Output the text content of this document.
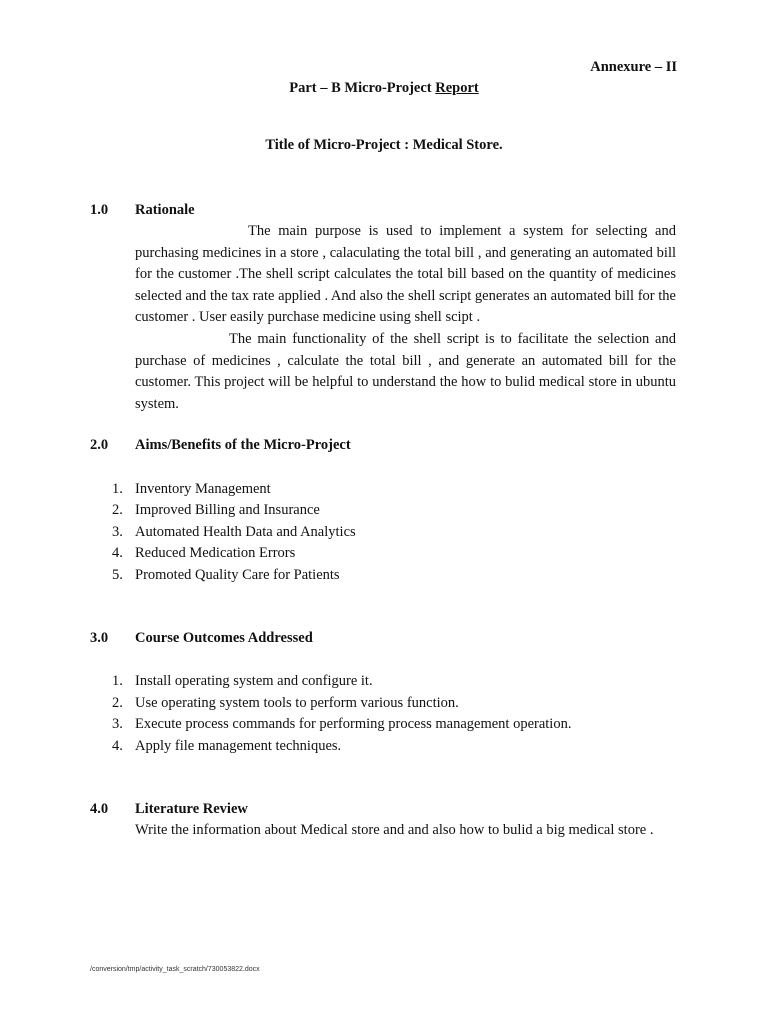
Annexure – II
Part – B Micro-Project Report
Title of Micro-Project : Medical Store.
1.0 Rationale
The main purpose is used to implement a system for selecting and purchasing medicines in a store , calaculating the total bill , and generating an automated bill for the customer .The shell script calculates the total bill based on the quantity of medicines selected and the tax rate applied . And also the shell script generates an automated bill for the customer . User easily purchase medicine using shell scipt .
The main functionality of the shell script is to facilitate the selection and purchase of medicines , calculate the total bill , and generate an automated bill for the customer. This project will be helpful to understand the how to bulid medical store in ubuntu system.
2.0 Aims/Benefits of the Micro-Project
1. Inventory Management
2. Improved Billing and Insurance
3. Automated Health Data and Analytics
4. Reduced Medication Errors
5. Promoted Quality Care for Patients
3.0 Course Outcomes Addressed
1. Install operating system and configure it.
2. Use operating system tools to perform various function.
3. Execute process commands for performing process management operation.
4. Apply file management techniques.
4.0 Literature Review
Write the information about Medical store and and also how to bulid a big medical store .
/conversion/tmp/activity_task_scratch/730053822.docx
